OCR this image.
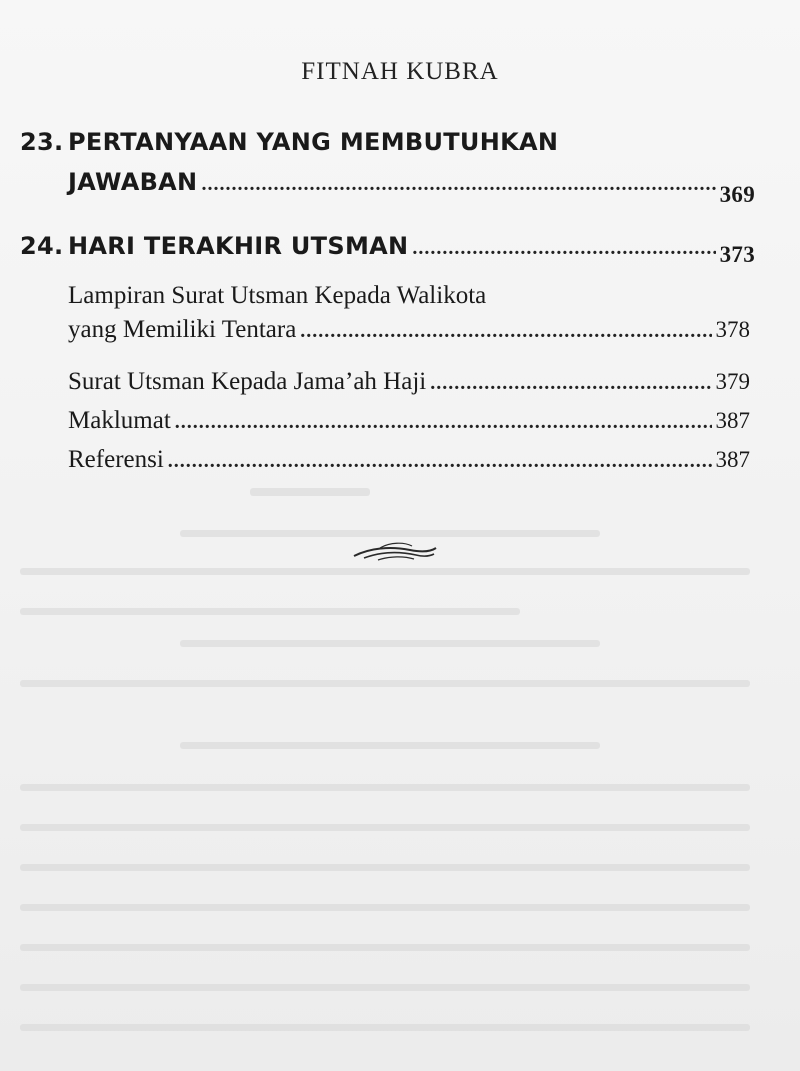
FITNAH KUBRA
23. PERTANYAAN YANG MEMBUTUHKAN
JAWABAN .....	369
24. HARI TERAKHIR UTSMAN .....	373
Lampiran Surat Utsman Kepada Walikota
yang Memiliki Tentara .....	378
Surat Utsman Kepada Jama’ah Haji .....	379
Maklumat .....	387
Referensi .....	387
